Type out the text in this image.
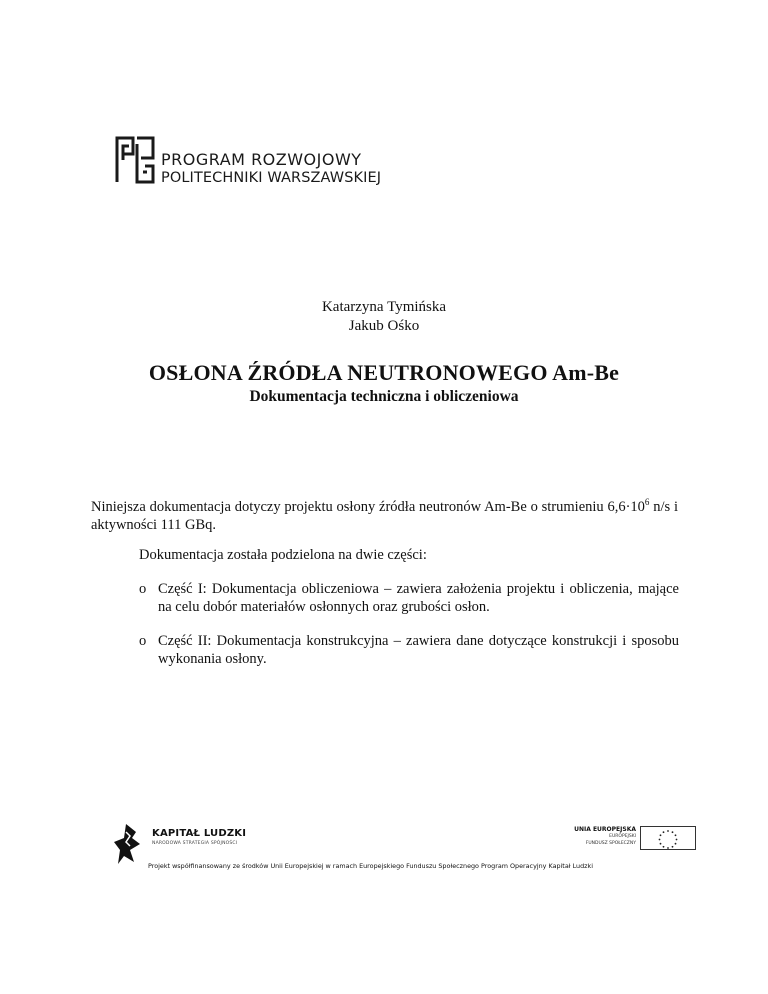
PROGRAM ROZWOJOWY
POLITECHNIKI WARSZAWSKIEJ
Katarzyna Tymińska
Jakub Ośko
OSŁONA ŹRÓDŁA NEUTRONOWEGO Am-Be
Dokumentacja techniczna i obliczeniowa
Niniejsza dokumentacja dotyczy projektu osłony źródła neutronów Am-Be o strumieniu $6,6\cdot 10^6$ n/s i aktywności 111 GBq.
Dokumentacja została podzielona na dwie części:
o Część I: Dokumentacja obliczeniowa – zawiera założenia projektu i obliczenia, mające na celu dobór materiałów osłonnych oraz grubości osłon.
o Część II: Dokumentacja konstrukcyjna – zawiera dane dotyczące konstrukcji i sposobu wykonania osłony.
KAPITAŁ LUDZKI
NARODOWA STRATEGIA SPÓJNOŚCI
UNIA EUROPEJSKA
EUROPEJSKI
FUNDUSZ SPOŁECZNY
Projekt współfinansowany ze środków Unii Europejskiej w ramach Europejskiego Funduszu Społecznego Program Operacyjny Kapitał Ludzki
